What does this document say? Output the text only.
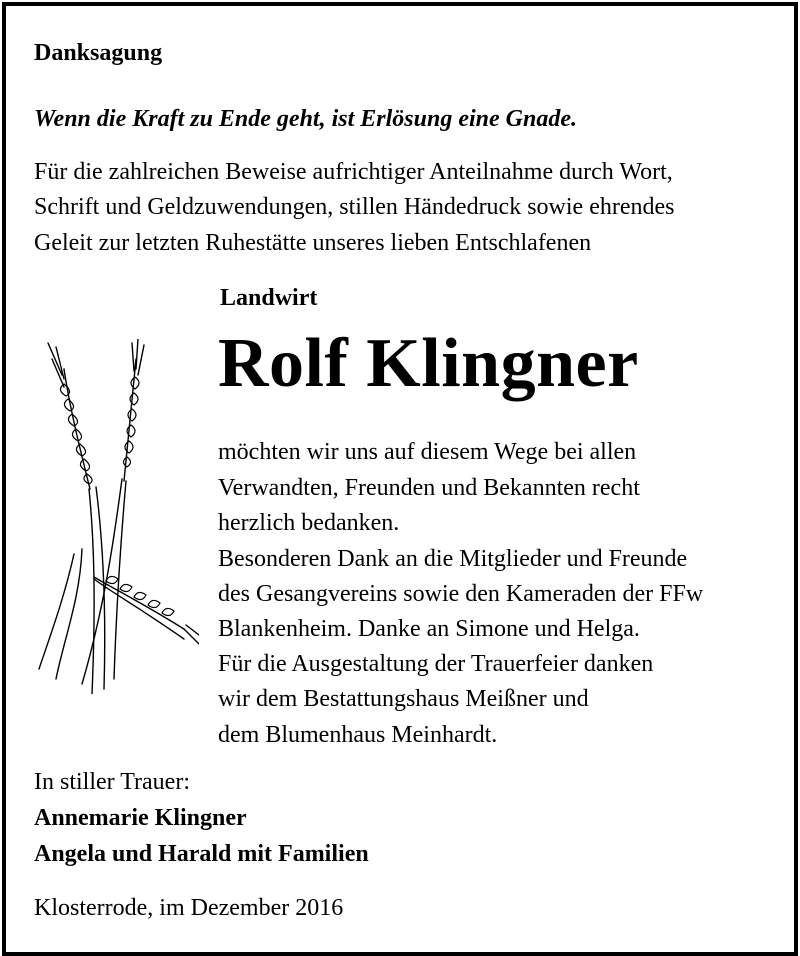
Danksagung
Wenn die Kraft zu Ende geht, ist Erlösung eine Gnade.
Für die zahlreichen Beweise aufrichtiger Anteilnahme durch Wort,
Schrift und Geldzuwendungen, stillen Händedruck sowie ehrendes
Geleit zur letzten Ruhestätte unseres lieben Entschlafenen
Landwirt
Rolf Klingner
möchten wir uns auf diesem Wege bei allen
Verwandten, Freunden und Bekannten recht
herzlich bedanken.
Besonderen Dank an die Mitglieder und Freunde
des Gesangvereins sowie den Kameraden der FFw
Blankenheim. Danke an Simone und Helga.
Für die Ausgestaltung der Trauerfeier danken
wir dem Bestattungshaus Meißner und
dem Blumenhaus Meinhardt.
In stiller Trauer:
Annemarie Klingner
Angela und Harald mit Familien
Klosterrode, im Dezember 2016
